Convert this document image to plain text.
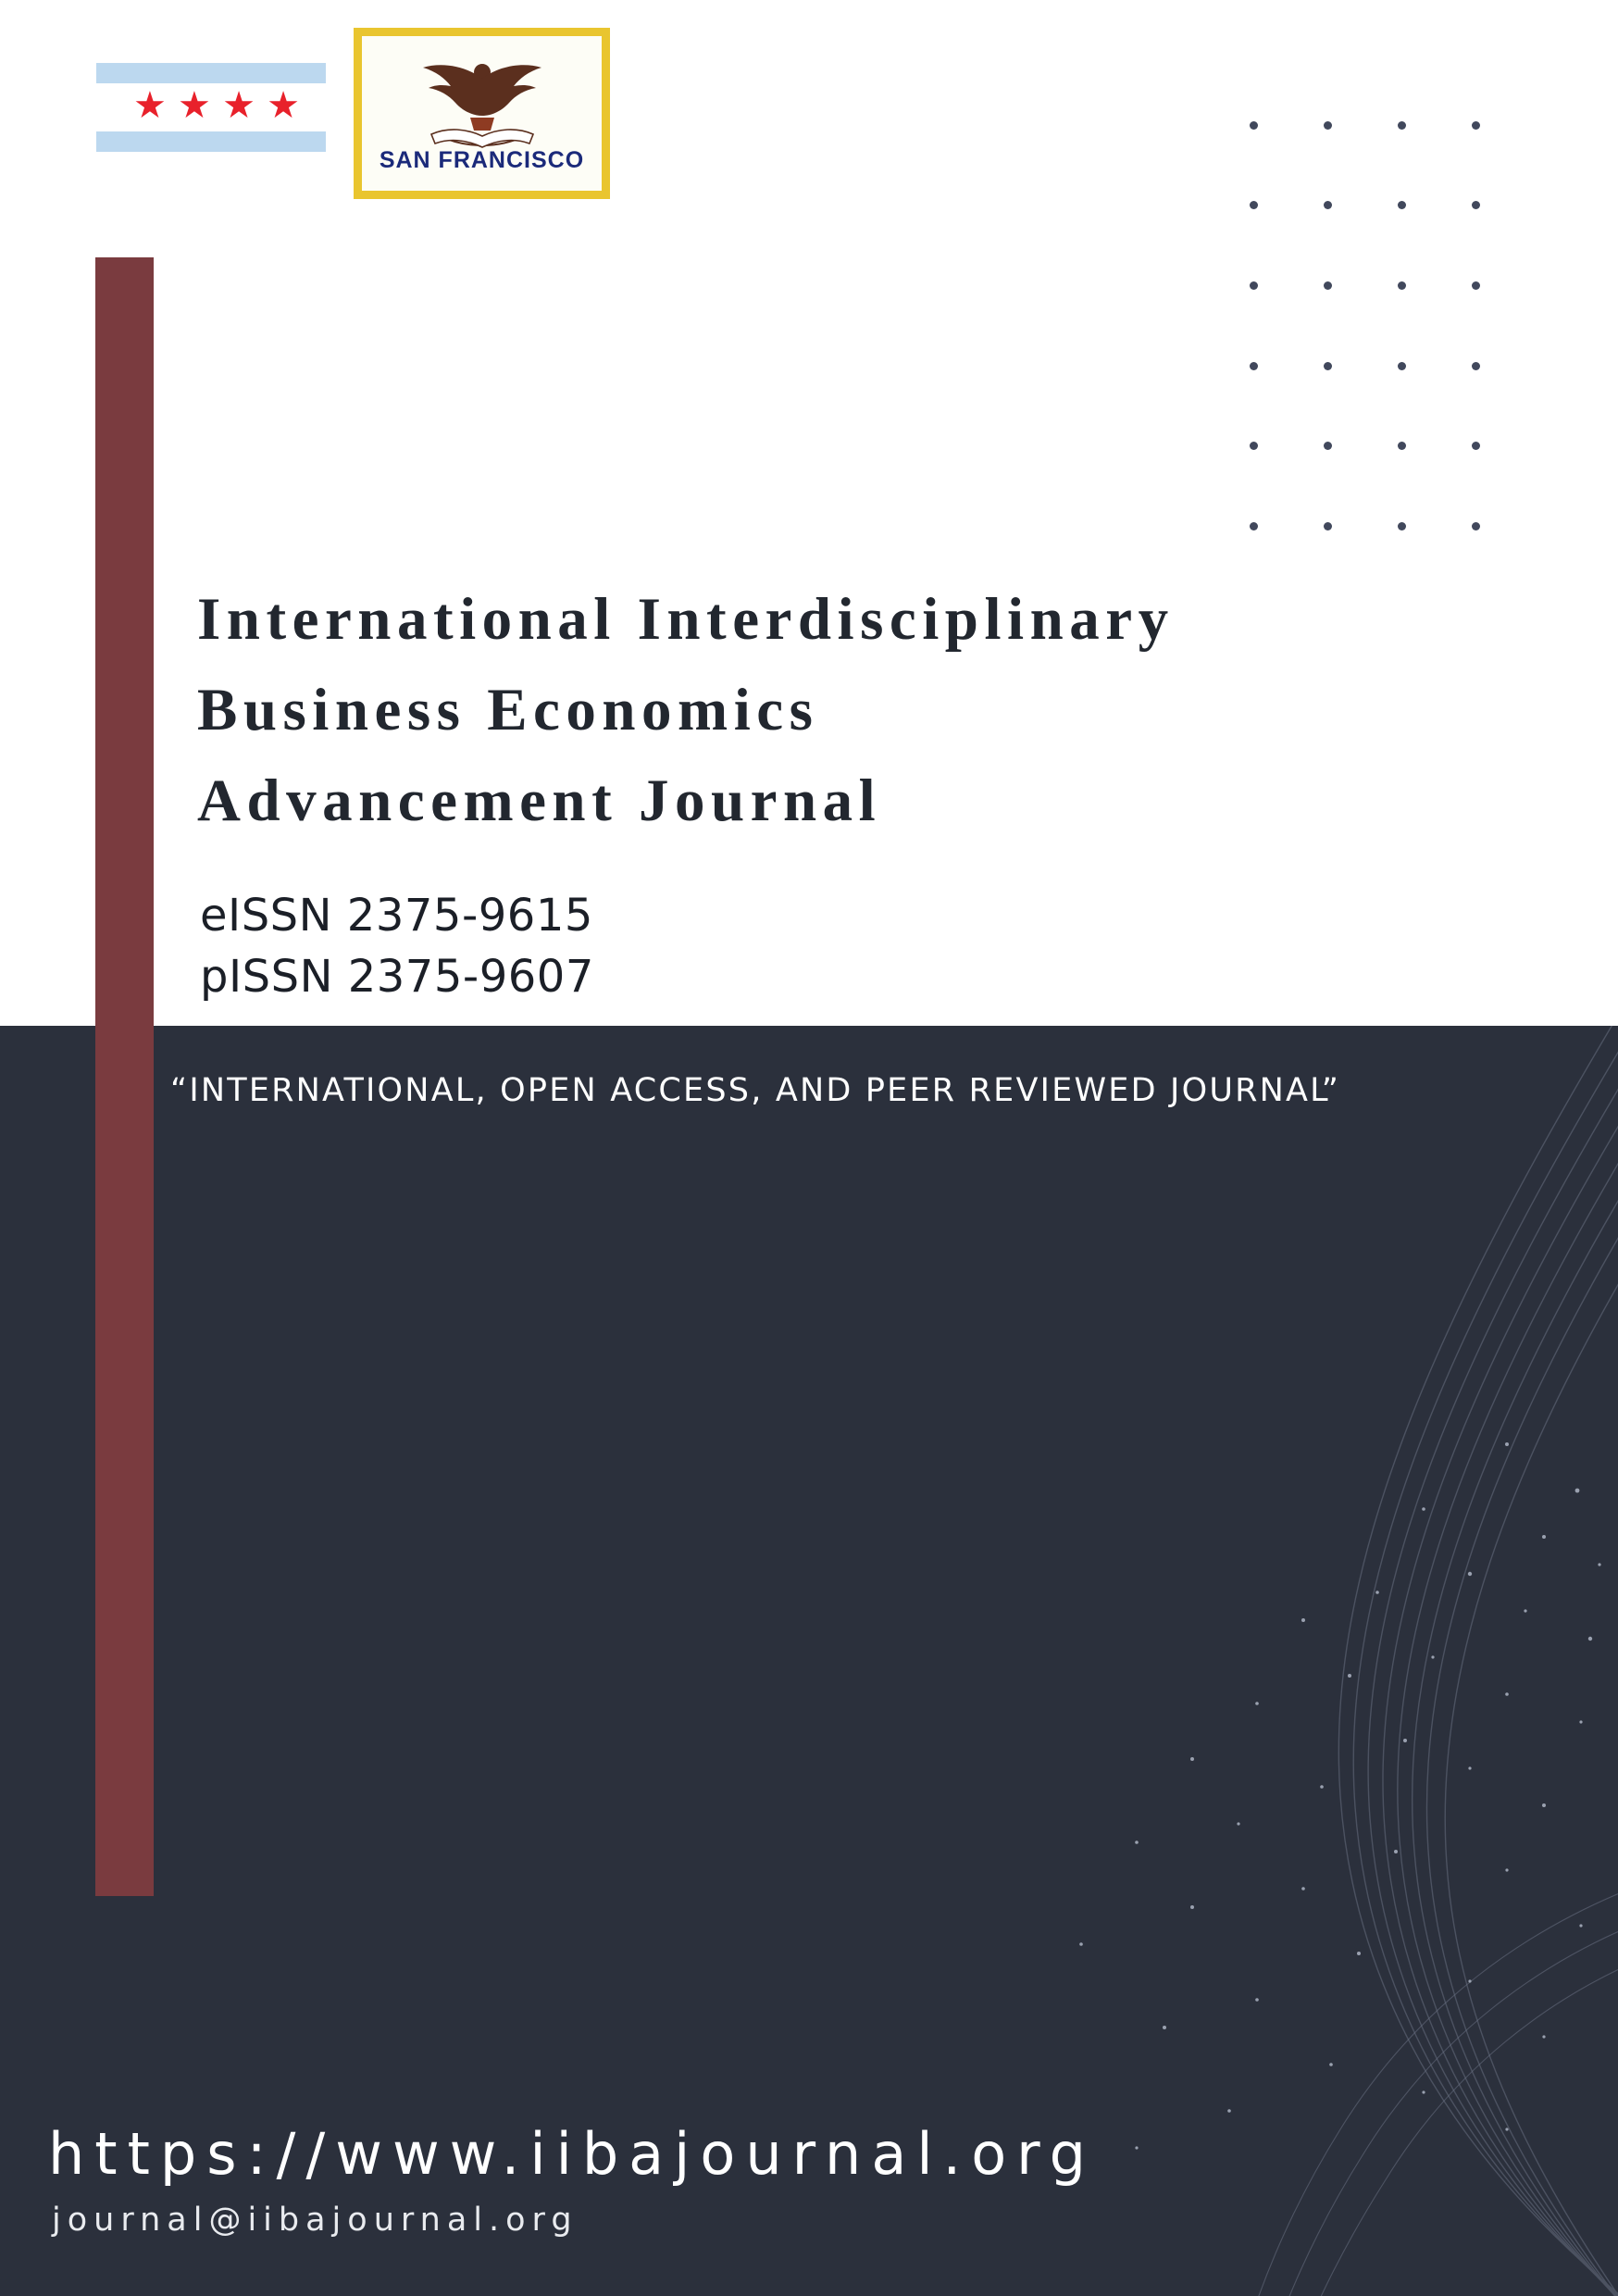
★ ★ ★ ★
SAN FRANCISCO
International Interdisciplinary
Business Economics
Advancement Journal
eISSN 2375-9615
pISSN 2375-9607
“INTERNATIONAL, OPEN ACCESS, AND PEER REVIEWED JOURNAL”
https://www.iibajournal.org
journal@iibajournal.org
